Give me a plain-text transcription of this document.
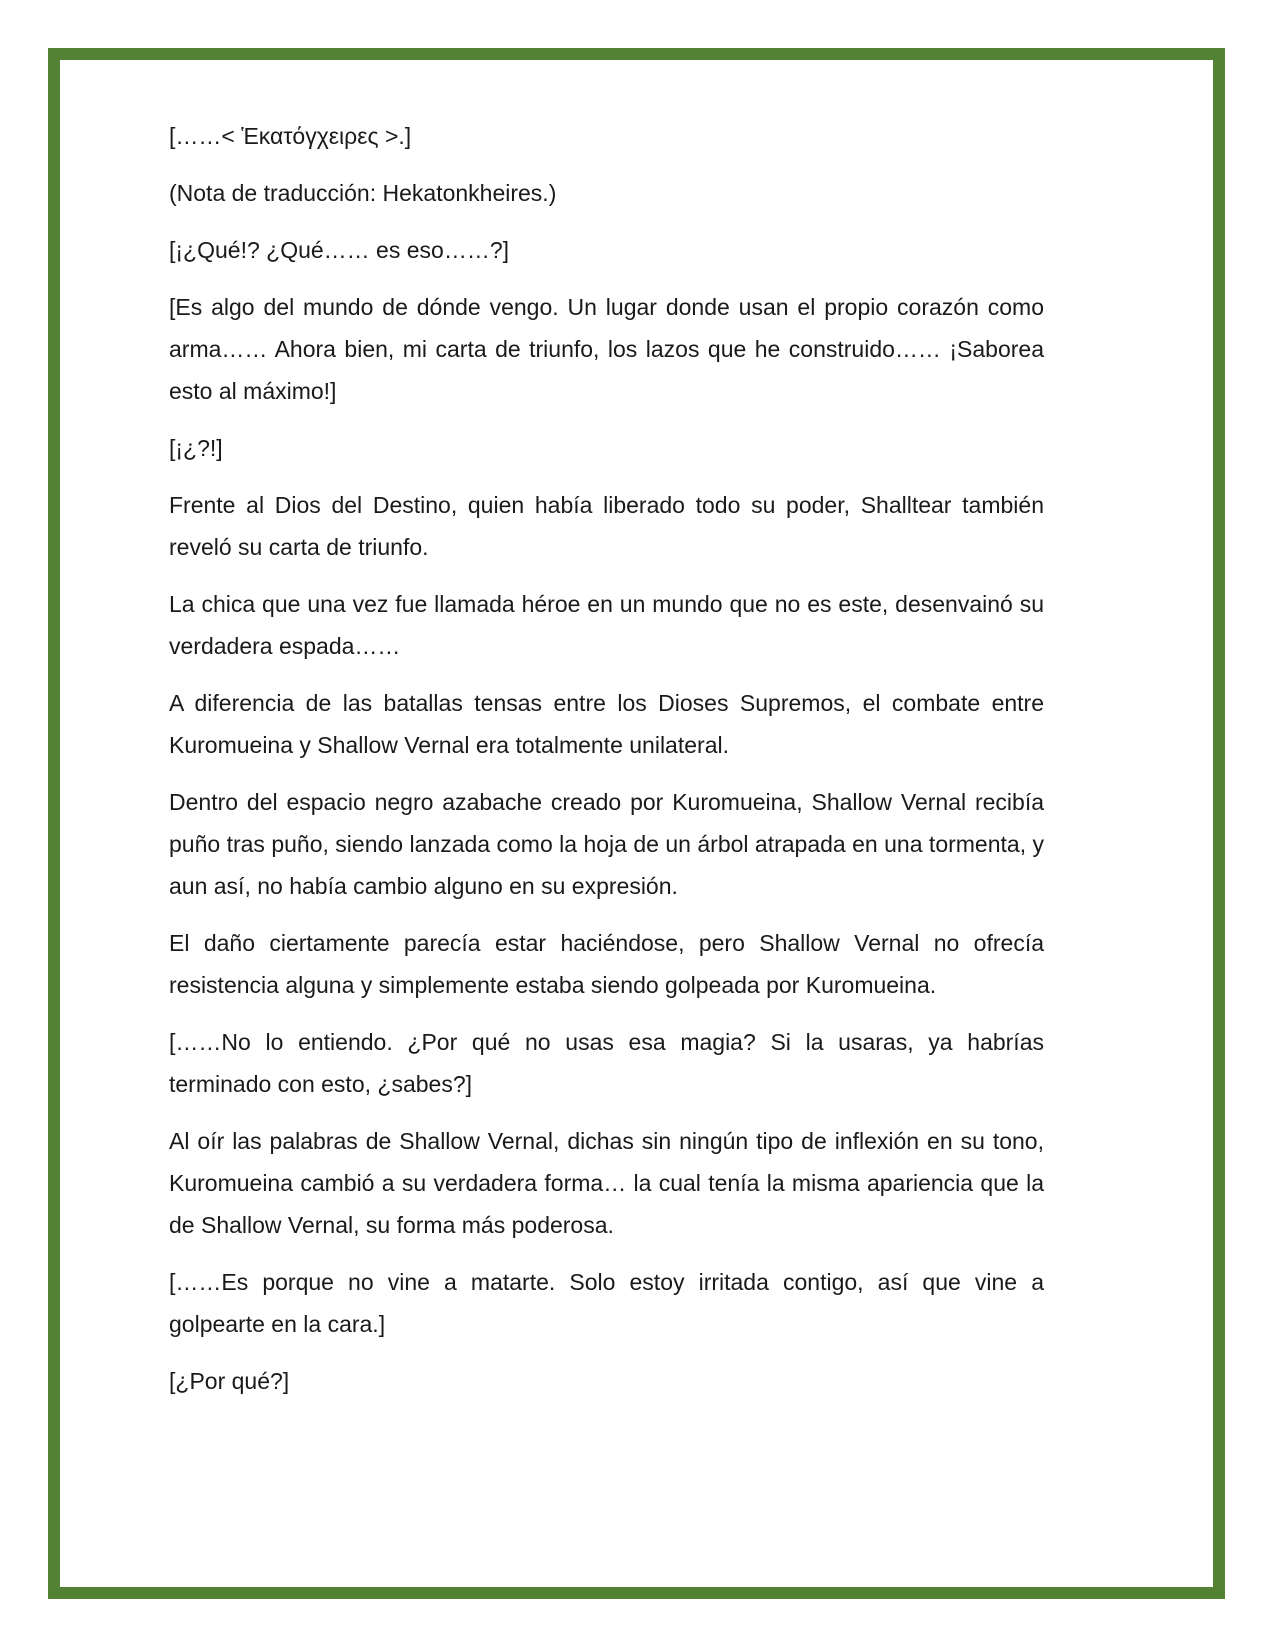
[……< Ἑκατόγχειρες >.]

(Nota de traducción: Hekatonkheires.)

[¡¿Qué!? ¿Qué…… es eso……?]

[Es algo del mundo de dónde vengo. Un lugar donde usan el propio corazón como arma…… Ahora bien, mi carta de triunfo, los lazos que he construido…… ¡Saborea esto al máximo!]

[¡¿?!]

Frente al Dios del Destino, quien había liberado todo su poder, Shalltear también reveló su carta de triunfo.

La chica que una vez fue llamada héroe en un mundo que no es este, desenvainó su verdadera espada……

A diferencia de las batallas tensas entre los Dioses Supremos, el combate entre Kuromueina y Shallow Vernal era totalmente unilateral.

Dentro del espacio negro azabache creado por Kuromueina, Shallow Vernal recibía puño tras puño, siendo lanzada como la hoja de un árbol atrapada en una tormenta, y aun así, no había cambio alguno en su expresión.

El daño ciertamente parecía estar haciéndose, pero Shallow Vernal no ofrecía resistencia alguna y simplemente estaba siendo golpeada por Kuromueina.

[……No lo entiendo. ¿Por qué no usas esa magia? Si la usaras, ya habrías terminado con esto, ¿sabes?]

Al oír las palabras de Shallow Vernal, dichas sin ningún tipo de inflexión en su tono, Kuromueina cambió a su verdadera forma… la cual tenía la misma apariencia que la de Shallow Vernal, su forma más poderosa.

[……Es porque no vine a matarte. Solo estoy irritada contigo, así que vine a golpearte en la cara.]

[¿Por qué?]
